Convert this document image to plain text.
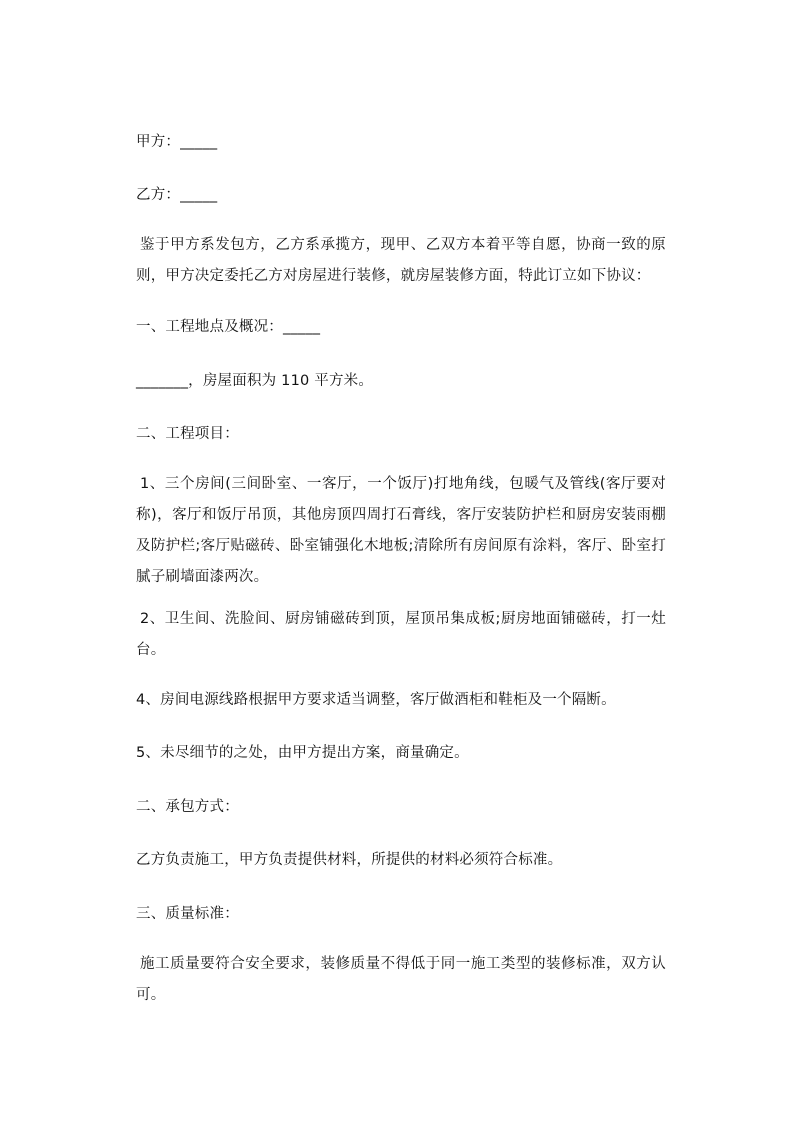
甲方：_____
乙方：_____
鉴于甲方系发包方，乙方系承揽方，现甲、乙双方本着平等自愿，协商一致的原则，甲方决定委托乙方对房屋进行装修，就房屋装修方面，特此订立如下协议：
一、工程地点及概况：_____
_______，房屋面积为 110 平方米。
二、工程项目：
1、三个房间(三间卧室、一客厅，一个饭厅)打地角线，包暖气及管线(客厅要对称)，客厅和饭厅吊顶，其他房顶四周打石膏线，客厅安装防护栏和厨房安装雨棚及防护栏;客厅贴磁砖、卧室铺强化木地板;清除所有房间原有涂料，客厅、卧室打腻子刷墙面漆两次。
2、卫生间、洗脸间、厨房铺磁砖到顶，屋顶吊集成板;厨房地面铺磁砖，打一灶台。
4、房间电源线路根据甲方要求适当调整，客厅做酒柜和鞋柜及一个隔断。
5、未尽细节的之处，由甲方提出方案，商量确定。
二、承包方式：
乙方负责施工，甲方负责提供材料，所提供的材料必须符合标准。
三、质量标准：
施工质量要符合安全要求，装修质量不得低于同一施工类型的装修标准，双方认可。
